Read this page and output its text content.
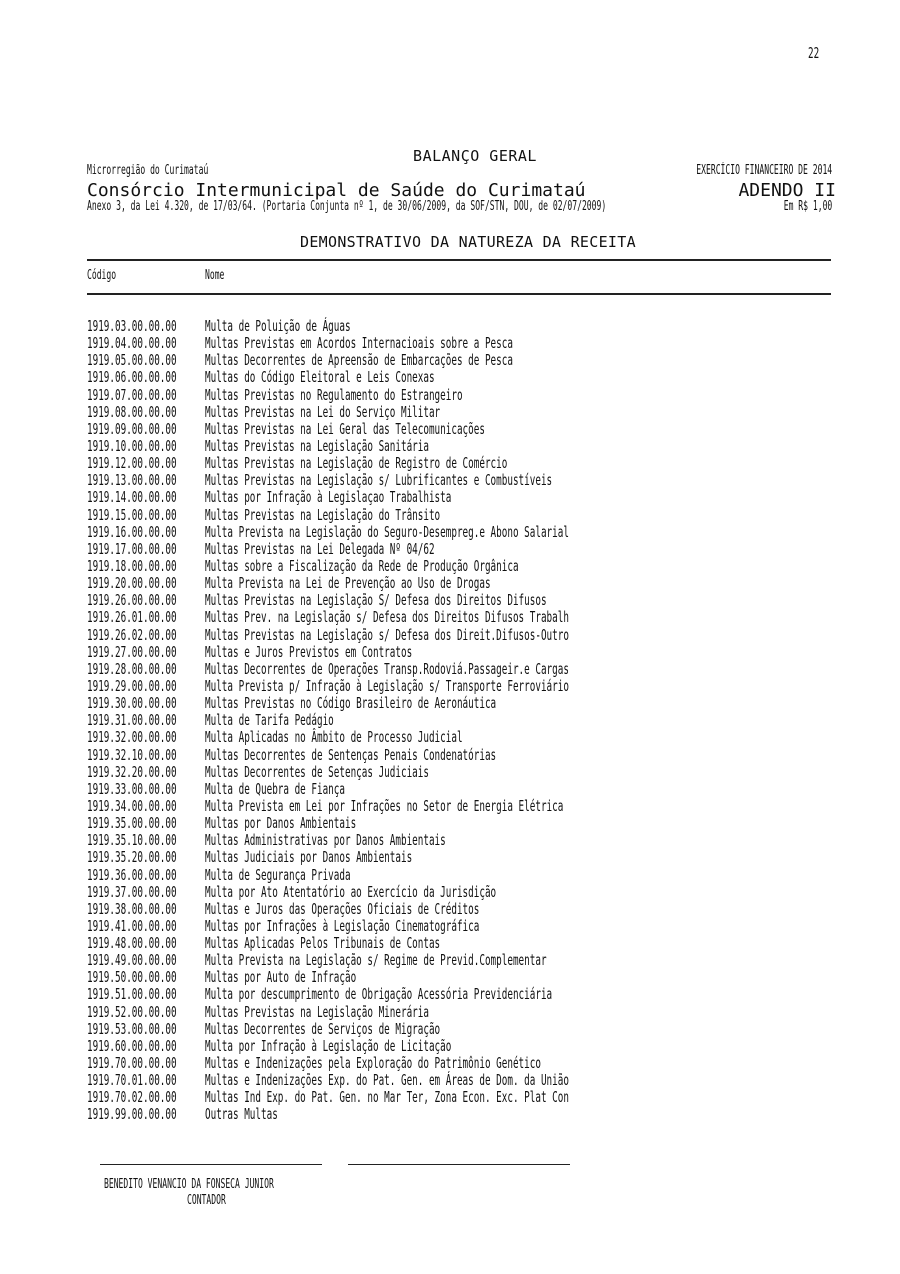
22
BALANÇO GERAL
Microrregião do Curimataú	EXERCÍCIO FINANCEIRO DE 2014
Consórcio Intermunicipal de Saúde do Curimataú	ADENDO II
Anexo 3, da Lei 4.320, de 17/03/64. (Portaria Conjunta nº 1, de 30/06/2009, da SOF/STN, DOU, de 02/07/2009)	Em R$ 1,00
DEMONSTRATIVO DA NATUREZA DA RECEITA
Código	Nome
1919.03.00.00.00	Multa de Poluição de Águas
1919.04.00.00.00	Multas Previstas em Acordos Internacioais sobre a Pesca
1919.05.00.00.00	Multas Decorrentes de Apreensão de Embarcações de Pesca
1919.06.00.00.00	Multas do Código Eleitoral e Leis Conexas
1919.07.00.00.00	Multas Previstas no Regulamento do Estrangeiro
1919.08.00.00.00	Multas Previstas na Lei do Serviço Militar
1919.09.00.00.00	Multas Previstas na Lei Geral das Telecomunicações
1919.10.00.00.00	Multas Previstas na Legislação Sanitária
1919.12.00.00.00	Multas Previstas na Legislação de Registro de Comércio
1919.13.00.00.00	Multas Previstas na Legislação s/ Lubrificantes e Combustíveis
1919.14.00.00.00	Multas por Infração à Legislaçao Trabalhista
1919.15.00.00.00	Multas Previstas na Legislação do Trânsito
1919.16.00.00.00	Multa Prevista na Legislação do Seguro-Desempreg.e Abono Salarial
1919.17.00.00.00	Multas Previstas na Lei Delegada Nº 04/62
1919.18.00.00.00	Multas sobre a Fiscalização da Rede de Produção Orgânica
1919.20.00.00.00	Multa Prevista na Lei de Prevenção ao Uso de Drogas
1919.26.00.00.00	Multas Previstas na Legislação S/ Defesa dos Direitos Difusos
1919.26.01.00.00	Multas Prev. na Legislação s/ Defesa dos Direitos Difusos Trabalh
1919.26.02.00.00	Multas Previstas na Legislação s/ Defesa dos Direit.Difusos-Outro
1919.27.00.00.00	Multas e Juros Previstos em Contratos
1919.28.00.00.00	Multas Decorrentes de Operações Transp.Rodoviá.Passageir.e Cargas
1919.29.00.00.00	Multa Prevista p/ Infração à Legislação s/ Transporte Ferroviário
1919.30.00.00.00	Multas Previstas no Código Brasileiro de Aeronáutica
1919.31.00.00.00	Multa de Tarifa Pedágio
1919.32.00.00.00	Multa Aplicadas no Âmbito de Processo Judicial
1919.32.10.00.00	Multas Decorrentes de Sentenças Penais Condenatórias
1919.32.20.00.00	Multas Decorrentes de Setenças Judiciais
1919.33.00.00.00	Multa de Quebra de Fiança
1919.34.00.00.00	Multa Prevista em Lei por Infrações no Setor de Energia Elétrica
1919.35.00.00.00	Multas por Danos Ambientais
1919.35.10.00.00	Multas Administrativas por Danos Ambientais
1919.35.20.00.00	Multas Judiciais por Danos Ambientais
1919.36.00.00.00	Multa de Segurança Privada
1919.37.00.00.00	Multa por Ato Atentatório ao Exercício da Jurisdição
1919.38.00.00.00	Multas e Juros das Operações Oficiais de Créditos
1919.41.00.00.00	Multas por Infrações à Legislação Cinematográfica
1919.48.00.00.00	Multas Aplicadas Pelos Tribunais de Contas
1919.49.00.00.00	Multa Prevista na Legislação s/ Regime de Previd.Complementar
1919.50.00.00.00	Multas por Auto de Infração
1919.51.00.00.00	Multa por descumprimento de Obrigação Acessória Previdenciária
1919.52.00.00.00	Multas Previstas na Legislação Minerária
1919.53.00.00.00	Multas Decorrentes de Serviços de Migração
1919.60.00.00.00	Multa por Infração à Legislação de Licitação
1919.70.00.00.00	Multas e Indenizações pela Exploração do Patrimônio Genético
1919.70.01.00.00	Multas e Indenizações Exp. do Pat. Gen. em Áreas de Dom. da União
1919.70.02.00.00	Multas Ind Exp. do Pat. Gen. no Mar Ter, Zona Econ. Exc. Plat Con
1919.99.00.00.00	Outras Multas
BENEDITO VENANCIO DA FONSECA JUNIOR
CONTADOR
